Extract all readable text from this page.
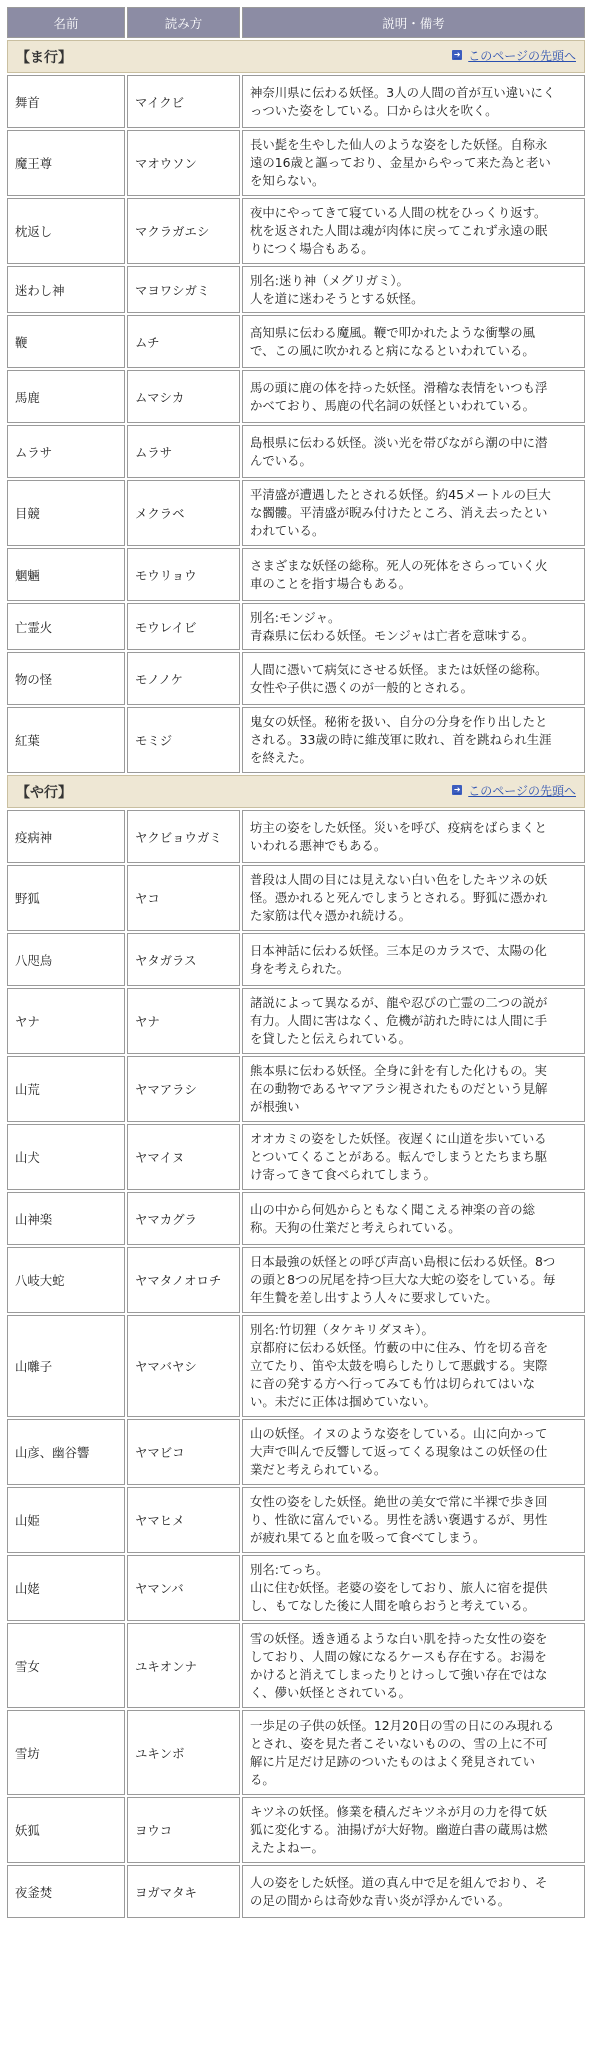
名前	読み方	説明・備考

➜ このページの先頭へ
【ま行】		
舞首	マイクビ	神奈川県に伝わる妖怪。3人の人間の首が互い違いにく
っついた姿をしている。口からは火を吹く。

魔王尊	マオウソン	長い髭を生やした仙人のような姿をした妖怪。自称永
遠の16歳と謳っており、金星からやって来た為と老い
を知らない。

枕返し	マクラガエシ	夜中にやってきて寝ている人間の枕をひっくり返す。
枕を返された人間は魂が肉体に戻ってこれず永遠の眠
りにつく場合もある。

迷わし神	マヨワシガミ	別名:迷り神（メグリガミ）。
人を道に迷わそうとする妖怪。

鞭	ムチ	高知県に伝わる魔風。鞭で叩かれたような衝撃の風
で、この風に吹かれると病になるといわれている。

馬鹿	ムマシカ	馬の頭に鹿の体を持った妖怪。滑稽な表情をいつも浮
かべており、馬鹿の代名詞の妖怪といわれている。

ムラサ	ムラサ	島根県に伝わる妖怪。淡い光を帯びながら潮の中に潜
んでいる。

目競	メクラベ	平清盛が遭遇したとされる妖怪。約45メートルの巨大
な髑髏。平清盛が睨み付けたところ、消え去ったとい
われている。

魍魎	モウリョウ	さまざまな妖怪の総称。死人の死体をさらっていく火
車のことを指す場合もある。

亡霊火	モウレイビ	別名:モンジャ。
青森県に伝わる妖怪。モンジャは亡者を意味する。

物の怪	モノノケ	人間に憑いて病気にさせる妖怪。または妖怪の総称。
女性や子供に憑くのが一般的とされる。

紅葉	モミジ	鬼女の妖怪。秘術を扱い、自分の分身を作り出したと
される。33歳の時に維茂軍に敗れ、首を跳ねられ生涯
を終えた。

➜ このページの先頭へ
【や行】		
疫病神	ヤクビョウガミ	坊主の姿をした妖怪。災いを呼び、疫病をばらまくと
いわれる悪神でもある。

野狐	ヤコ	普段は人間の目には見えない白い色をしたキツネの妖
怪。憑かれると死んでしまうとされる。野狐に憑かれ
た家筋は代々憑かれ続ける。

八咫烏	ヤタガラス	日本神話に伝わる妖怪。三本足のカラスで、太陽の化
身を考えられた。

ヤナ	ヤナ	諸説によって異なるが、龍や忍びの亡霊の二つの説が
有力。人間に害はなく、危機が訪れた時には人間に手
を貸したと伝えられている。

山荒	ヤマアラシ	熊本県に伝わる妖怪。全身に針を有した化けもの。実
在の動物であるヤマアラシ視されたものだという見解
が根強い

山犬	ヤマイヌ	オオカミの姿をした妖怪。夜遅くに山道を歩いている
とついてくることがある。転んでしまうとたちまち駆
け寄ってきて食べられてしまう。

山神楽	ヤマカグラ	山の中から何処からともなく聞こえる神楽の音の総
称。天狗の仕業だと考えられている。

八岐大蛇	ヤマタノオロチ	日本最強の妖怪との呼び声高い島根に伝わる妖怪。8つ
の頭と8つの尻尾を持つ巨大な大蛇の姿をしている。毎
年生贄を差し出すよう人々に要求していた。

山囃子	ヤマバヤシ	別名:竹切狸（タケキリダヌキ）。
京都府に伝わる妖怪。竹藪の中に住み、竹を切る音を
立てたり、笛や太鼓を鳴らしたりして悪戯する。実際
に音の発する方へ行ってみても竹は切られてはいな
い。未だに正体は掴めていない。

山彦、幽谷響	ヤマビコ	山の妖怪。イヌのような姿をしている。山に向かって
大声で叫んで反響して返ってくる現象はこの妖怪の仕
業だと考えられている。

山姫	ヤマヒメ	女性の姿をした妖怪。絶世の美女で常に半裸で歩き回
り、性欲に富んでいる。男性を誘い褒遇するが、男性
が疲れ果てると血を吸って食べてしまう。

山姥	ヤマンバ	別名:てっち。
山に住む妖怪。老婆の姿をしており、旅人に宿を提供
し、もてなした後に人間を喰らおうと考えている。

雪女	ユキオンナ	雪の妖怪。透き通るような白い肌を持った女性の姿を
しており、人間の嫁になるケースも存在する。お湯を
かけると消えてしまったりとけっして強い存在ではな
く、儚い妖怪とされている。

雪坊	ユキンボ	一歩足の子供の妖怪。12月20日の雪の日にのみ現れる
とされ、姿を見た者こそいないものの、雪の上に不可
解に片足だけ足跡のついたものはよく発見されてい
る。

妖狐	ヨウコ	キツネの妖怪。修業を積んだキツネが月の力を得て妖
狐に変化する。油揚げが大好物。幽遊白書の蔵馬は燃
えたよねー。

夜釜焚	ヨガマタキ	人の姿をした妖怪。道の真ん中で足を組んでおり、そ
の足の間からは奇妙な青い炎が浮かんでいる。
